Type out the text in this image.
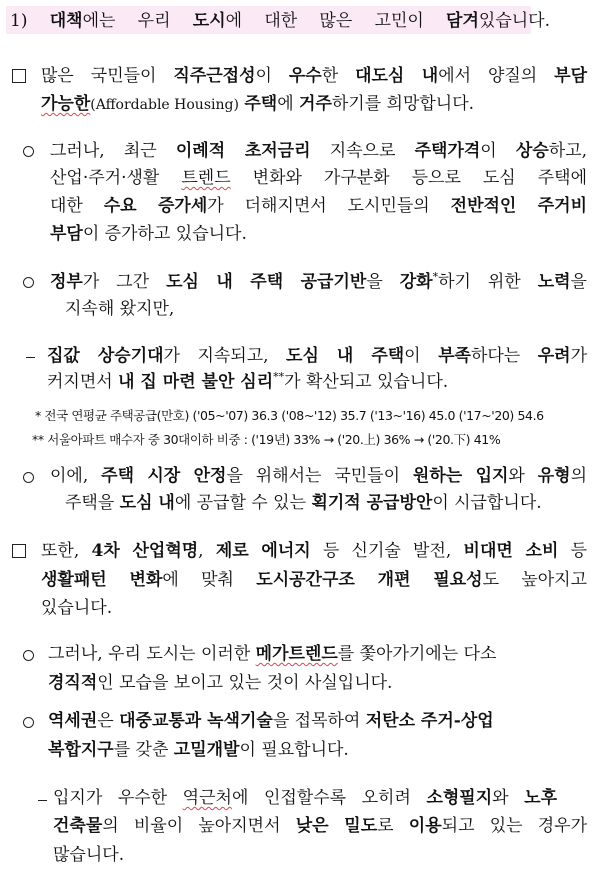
1) 대책에는 우리 도시에 대한 많은 고민이 담겨있습니다.
많은 국민들이 직주근접성이 우수한 대도심 내에서 양질의 부담
가능한(Affordable Housing) 주택에 거주하기를 희망합니다.
그러나, 최근 이례적 초저금리 지속으로 주택가격이 상승하고,
산업·주거·생활 트렌드 변화와 가구분화 등으로 도심 주택에
대한 수요 증가세가 더해지면서 도시민들의 전반적인 주거비
부담이 증가하고 있습니다.
정부가 그간 도심 내 주택 공급기반을 강화*하기 위한 노력을
지속해 왔지만,
집값 상승기대가 지속되고, 도심 내 주택이 부족하다는 우려가
커지면서 내 집 마련 불안 심리**가 확산되고 있습니다.
* 전국 연평균 주택공급(만호) ('05~'07) 36.3 ('08~'12) 35.7 ('13~'16) 45.0 ('17~'20) 54.6
** 서울아파트 매수자 중 30대이하 비중 : ('19년) 33% → ('20.上) 36% → ('20.下) 41%
이에, 주택 시장 안정을 위해서는 국민들이 원하는 입지와 유형의
주택을 도심 내에 공급할 수 있는 획기적 공급방안이 시급합니다.
또한, 4차 산업혁명, 제로 에너지 등 신기술 발전, 비대면 소비 등
생활패턴 변화에 맞춰 도시공간구조 개편 필요성도 높아지고
있습니다.
그러나, 우리 도시는 이러한 메가트렌드를 쫓아가기에는 다소
경직적인 모습을 보이고 있는 것이 사실입니다.
역세권은 대중교통과 녹색기술을 접목하여 저탄소 주거-상업
복합지구를 갖춘 고밀개발이 필요합니다.
입지가 우수한 역근처에 인접할수록 오히려 소형필지와 노후
건축물의 비율이 높아지면서 낮은 밀도로 이용되고 있는 경우가
많습니다.
